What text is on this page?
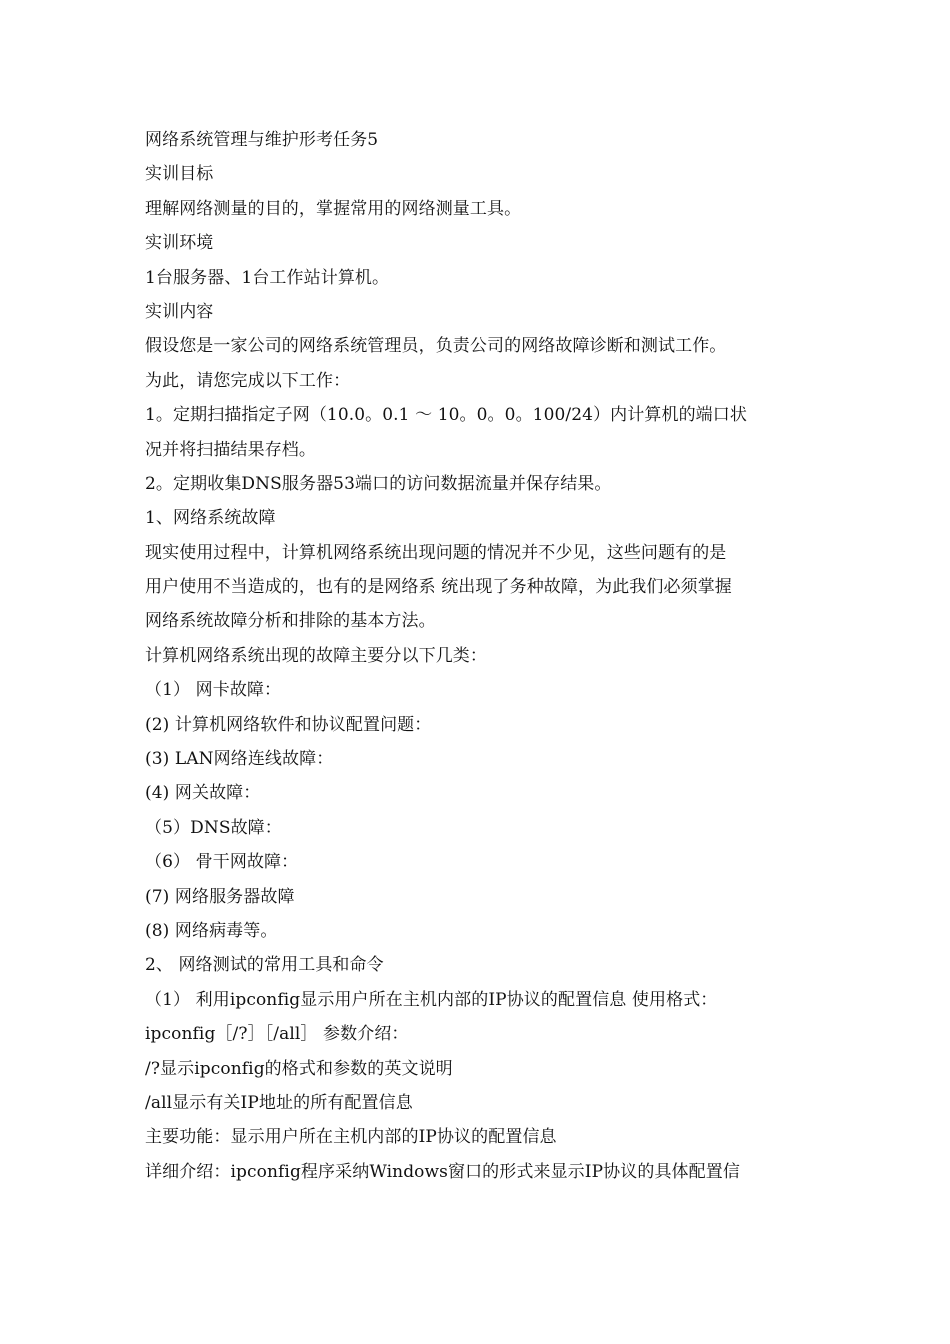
网络系统管理与维护形考任务5
实训目标
理解网络测量的目的，掌握常用的网络测量工具。
实训环境
1台服务器、1台工作站计算机。
实训内容
假设您是一家公司的网络系统管理员，负责公司的网络故障诊断和测试工作。
为此，请您完成以下工作：
1。定期扫描指定子网（10.0。0.1 ～ 10。0。0。100/24）内计算机的端口状
况并将扫描结果存档。
2。定期收集DNS服务器53端口的访问数据流量并保存结果。
1、网络系统故障
现实使用过程中，计算机网络系统出现问题的情况并不少见，这些问题有的是
用户使用不当造成的，也有的是网络系 统出现了务种故障，为此我们必须掌握
网络系统故障分析和排除的基本方法。
计算机网络系统出现的故障主要分以下几类：
（1） 网卡故障：
(2) 计算机网络软件和协议配置问题：
(3) LAN网络连线故障：
(4) 网关故障：
（5）DNS故障：
（6） 骨干网故障：
(7) 网络服务器故障
(8) 网络病毒等。
2、 网络测试的常用工具和命令
（1） 利用ipconfig显示用户所在主机内部的IP协议的配置信息 使用格式：
ipconfig［/?］［/all］ 参数介绍：
/?显示ipconfig的格式和参数的英文说明
/all显示有关IP地址的所有配置信息
主要功能：显示用户所在主机内部的IP协议的配置信息
详细介绍：ipconfig程序采纳Windows窗口的形式来显示IP协议的具体配置信
